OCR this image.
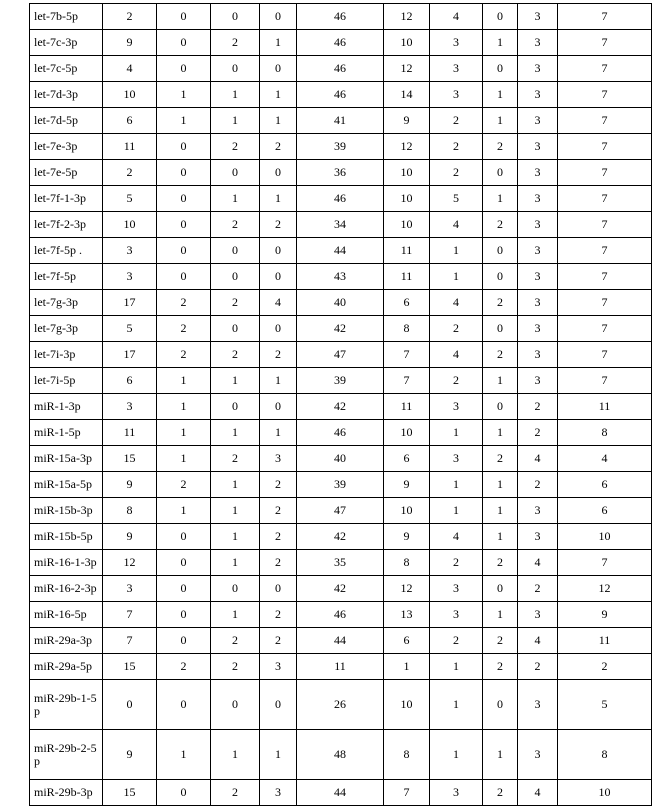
let-7b-5p	2	0	0	0	46	12	4	0	3	7
let-7c-3p	9	0	2	1	46	10	3	1	3	7
let-7c-5p	4	0	0	0	46	12	3	0	3	7
let-7d-3p	10	1	1	1	46	14	3	1	3	7
let-7d-5p	6	1	1	1	41	9	2	1	3	7
let-7e-3p	11	0	2	2	39	12	2	2	3	7
let-7e-5p	2	0	0	0	36	10	2	0	3	7
let-7f-1-3p	5	0	1	1	46	10	5	1	3	7
let-7f-2-3p	10	0	2	2	34	10	4	2	3	7
let-7f-5p .	3	0	0	0	44	11	1	0	3	7
let-7f-5p	3	0	0	0	43	11	1	0	3	7
let-7g-3p	17	2	2	4	40	6	4	2	3	7
let-7g-3p	5	2	0	0	42	8	2	0	3	7
let-7i-3p	17	2	2	2	47	7	4	2	3	7
let-7i-5p	6	1	1	1	39	7	2	1	3	7
miR-1-3p	3	1	0	0	42	11	3	0	2	11
miR-1-5p	11	1	1	1	46	10	1	1	2	8
miR-15a-3p	15	1	2	3	40	6	3	2	4	4
miR-15a-5p	9	2	1	2	39	9	1	1	2	6
miR-15b-3p	8	1	1	2	47	10	1	1	3	6
miR-15b-5p	9	0	1	2	42	9	4	1	3	10
miR-16-1-3p	12	0	1	2	35	8	2	2	4	7
miR-16-2-3p	3	0	0	0	42	12	3	0	2	12
miR-16-5p	7	0	1	2	46	13	3	1	3	9
miR-29a-3p	7	0	2	2	44	6	2	2	4	11
miR-29a-5p	15	2	2	3	11	1	1	2	2	2
miR-29b-1-5p	0	0	0	0	26	10	1	0	3	5
miR-29b-2-5p	9	1	1	1	48	8	1	1	3	8
miR-29b-3p	15	0	2	3	44	7	3	2	4	10
